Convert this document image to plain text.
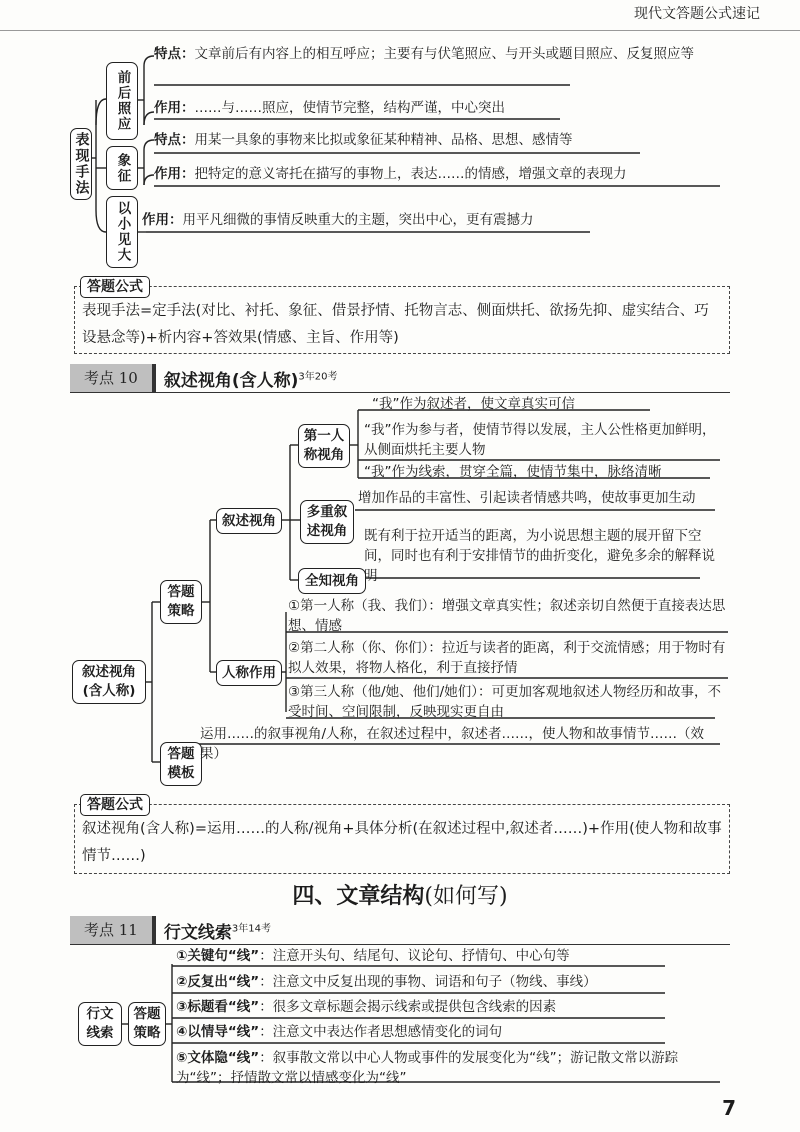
现代文答题公式速记
表现手法
前后照应
象征
以小见大
特点：文章前后有内容上的相互呼应；主要有与伏笔照应、与开头或题目照应、反复照应等
作用：……与……照应，使情节完整，结构严谨，中心突出
特点：用某一具象的事物来比拟或象征某种精神、品格、思想、感情等
作用：把特定的意义寄托在描写的事物上，表达……的情感，增强文章的表现力
作用：用平凡细微的事情反映重大的主题，突出中心，更有震撼力
答题公式
表现手法=定手法(对比、衬托、象征、借景抒情、托物言志、侧面烘托、欲扬先抑、虚实结合、巧设悬念等)+析内容+答效果(情感、主旨、作用等)
考点 10	叙述视角(含人称)$^{3年20考}$
叙述视角(含人称)
答题策略
答题模板
叙述视角
第一人称视角
多重叙述视角
全知视角
人称作用
“我”作为叙述者，使文章真实可信
“我”作为参与者，使情节得以发展，主人公性格更加鲜明，从侧面烘托主要人物
“我”作为线索，贯穿全篇，使情节集中，脉络清晰
增加作品的丰富性、引起读者情感共鸣，使故事更加生动
既有利于拉开适当的距离，为小说思想主题的展开留下空间，同时也有利于安排情节的曲折变化，避免多余的解释说明
①第一人称（我、我们）：增强文章真实性；叙述亲切自然便于直接表达思想、情感
②第二人称（你、你们）：拉近与读者的距离，利于交流情感；用于物时有拟人效果，将物人格化，利于直接抒情
③第三人称（他/她、他们/她们）：可更加客观地叙述人物经历和故事，不受时间、空间限制，反映现实更自由
运用……的叙事视角/人称，在叙述过程中，叙述者……，使人物和故事情节……（效果）
答题公式
叙述视角(含人称)=运用……的人称/视角+具体分析(在叙述过程中,叙述者……)+作用(使人物和故事情节……)
四、文章结构(如何写)
考点 11	行文线索$^{3年14考}$
行文线索
答题策略
①关键句“线”：注意开头句、结尾句、议论句、抒情句、中心句等
②反复出“线”：注意文中反复出现的事物、词语和句子（物线、事线）
③标题看“线”：很多文章标题会揭示线索或提供包含线索的因素
④以情导“线”：注意文中表达作者思想感情变化的词句
⑤文体隐“线”：叙事散文常以中心人物或事件的发展变化为“线”；游记散文常以游踪为“线”；抒情散文常以情感变化为“线”
7
